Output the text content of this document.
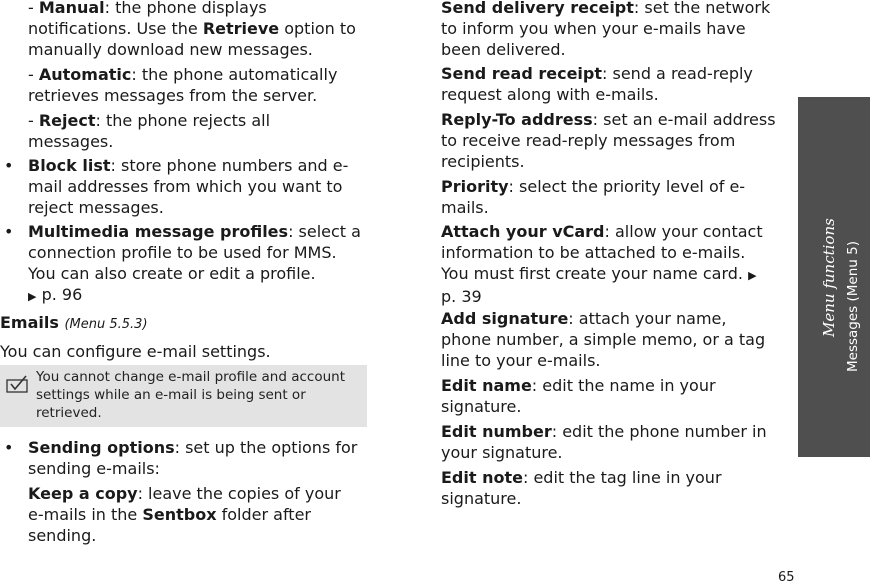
- Manual: the phone displays notifications. Use the Retrieve option to manually download new messages.
- Automatic: the phone automatically retrieves messages from the server.
- Reject: the phone rejects all messages.
• Block list: store phone numbers and e-mail addresses from which you want to reject messages.
• Multimedia message profiles: select a connection profile to be used for MMS. You can also create or edit a profile.
▶ p. 96
Emails (Menu 5.5.3)
You can configure e-mail settings.
You cannot change e-mail profile and account settings while an e-mail is being sent or retrieved.
• Sending options: set up the options for sending e-mails:
Keep a copy: leave the copies of your e-mails in the Sentbox folder after sending.
Send delivery receipt: set the network to inform you when your e-mails have been delivered.
Send read receipt: send a read-reply request along with e-mails.
Reply-To address: set an e-mail address to receive read-reply messages from recipients.
Priority: select the priority level of e-mails.
Attach your vCard: allow your contact information to be attached to e-mails. You must first create your name card. ▶ p. 39
Add signature: attach your name, phone number, a simple memo, or a tag line to your e-mails.
Edit name: edit the name in your signature.
Edit number: edit the phone number in your signature.
Edit note: edit the tag line in your signature.
Menu functions Messages (Menu 5)
65
